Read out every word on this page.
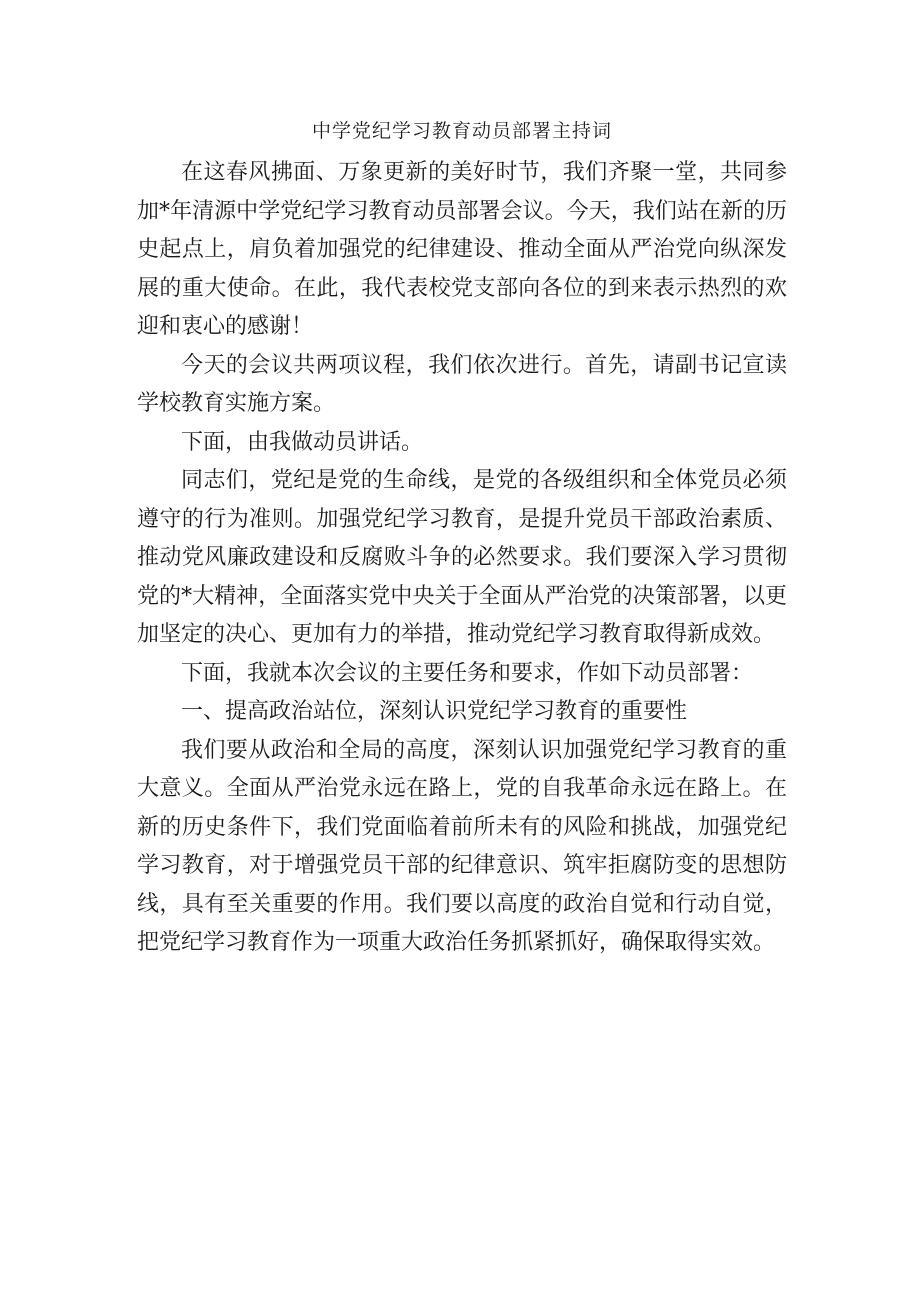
中学党纪学习教育动员部署主持词

在这春风拂面、万象更新的美好时节，我们齐聚一堂，共同参加*年清源中学党纪学习教育动员部署会议。今天，我们站在新的历史起点上，肩负着加强党的纪律建设、推动全面从严治党向纵深发展的重大使命。在此，我代表校党支部向各位的到来表示热烈的欢迎和衷心的感谢！

今天的会议共两项议程，我们依次进行。首先，请副书记宣读学校教育实施方案。

下面，由我做动员讲话。

同志们，党纪是党的生命线，是党的各级组织和全体党员必须遵守的行为准则。加强党纪学习教育，是提升党员干部政治素质、推动党风廉政建设和反腐败斗争的必然要求。我们要深入学习贯彻党的*大精神，全面落实党中央关于全面从严治党的决策部署，以更加坚定的决心、更加有力的举措，推动党纪学习教育取得新成效。

下面，我就本次会议的主要任务和要求，作如下动员部署：

一、提高政治站位，深刻认识党纪学习教育的重要性

我们要从政治和全局的高度，深刻认识加强党纪学习教育的重大意义。全面从严治党永远在路上，党的自我革命永远在路上。在新的历史条件下，我们党面临着前所未有的风险和挑战，加强党纪学习教育，对于增强党员干部的纪律意识、筑牢拒腐防变的思想防线，具有至关重要的作用。我们要以高度的政治自觉和行动自觉，把党纪学习教育作为一项重大政治任务抓紧抓好，确保取得实效。
